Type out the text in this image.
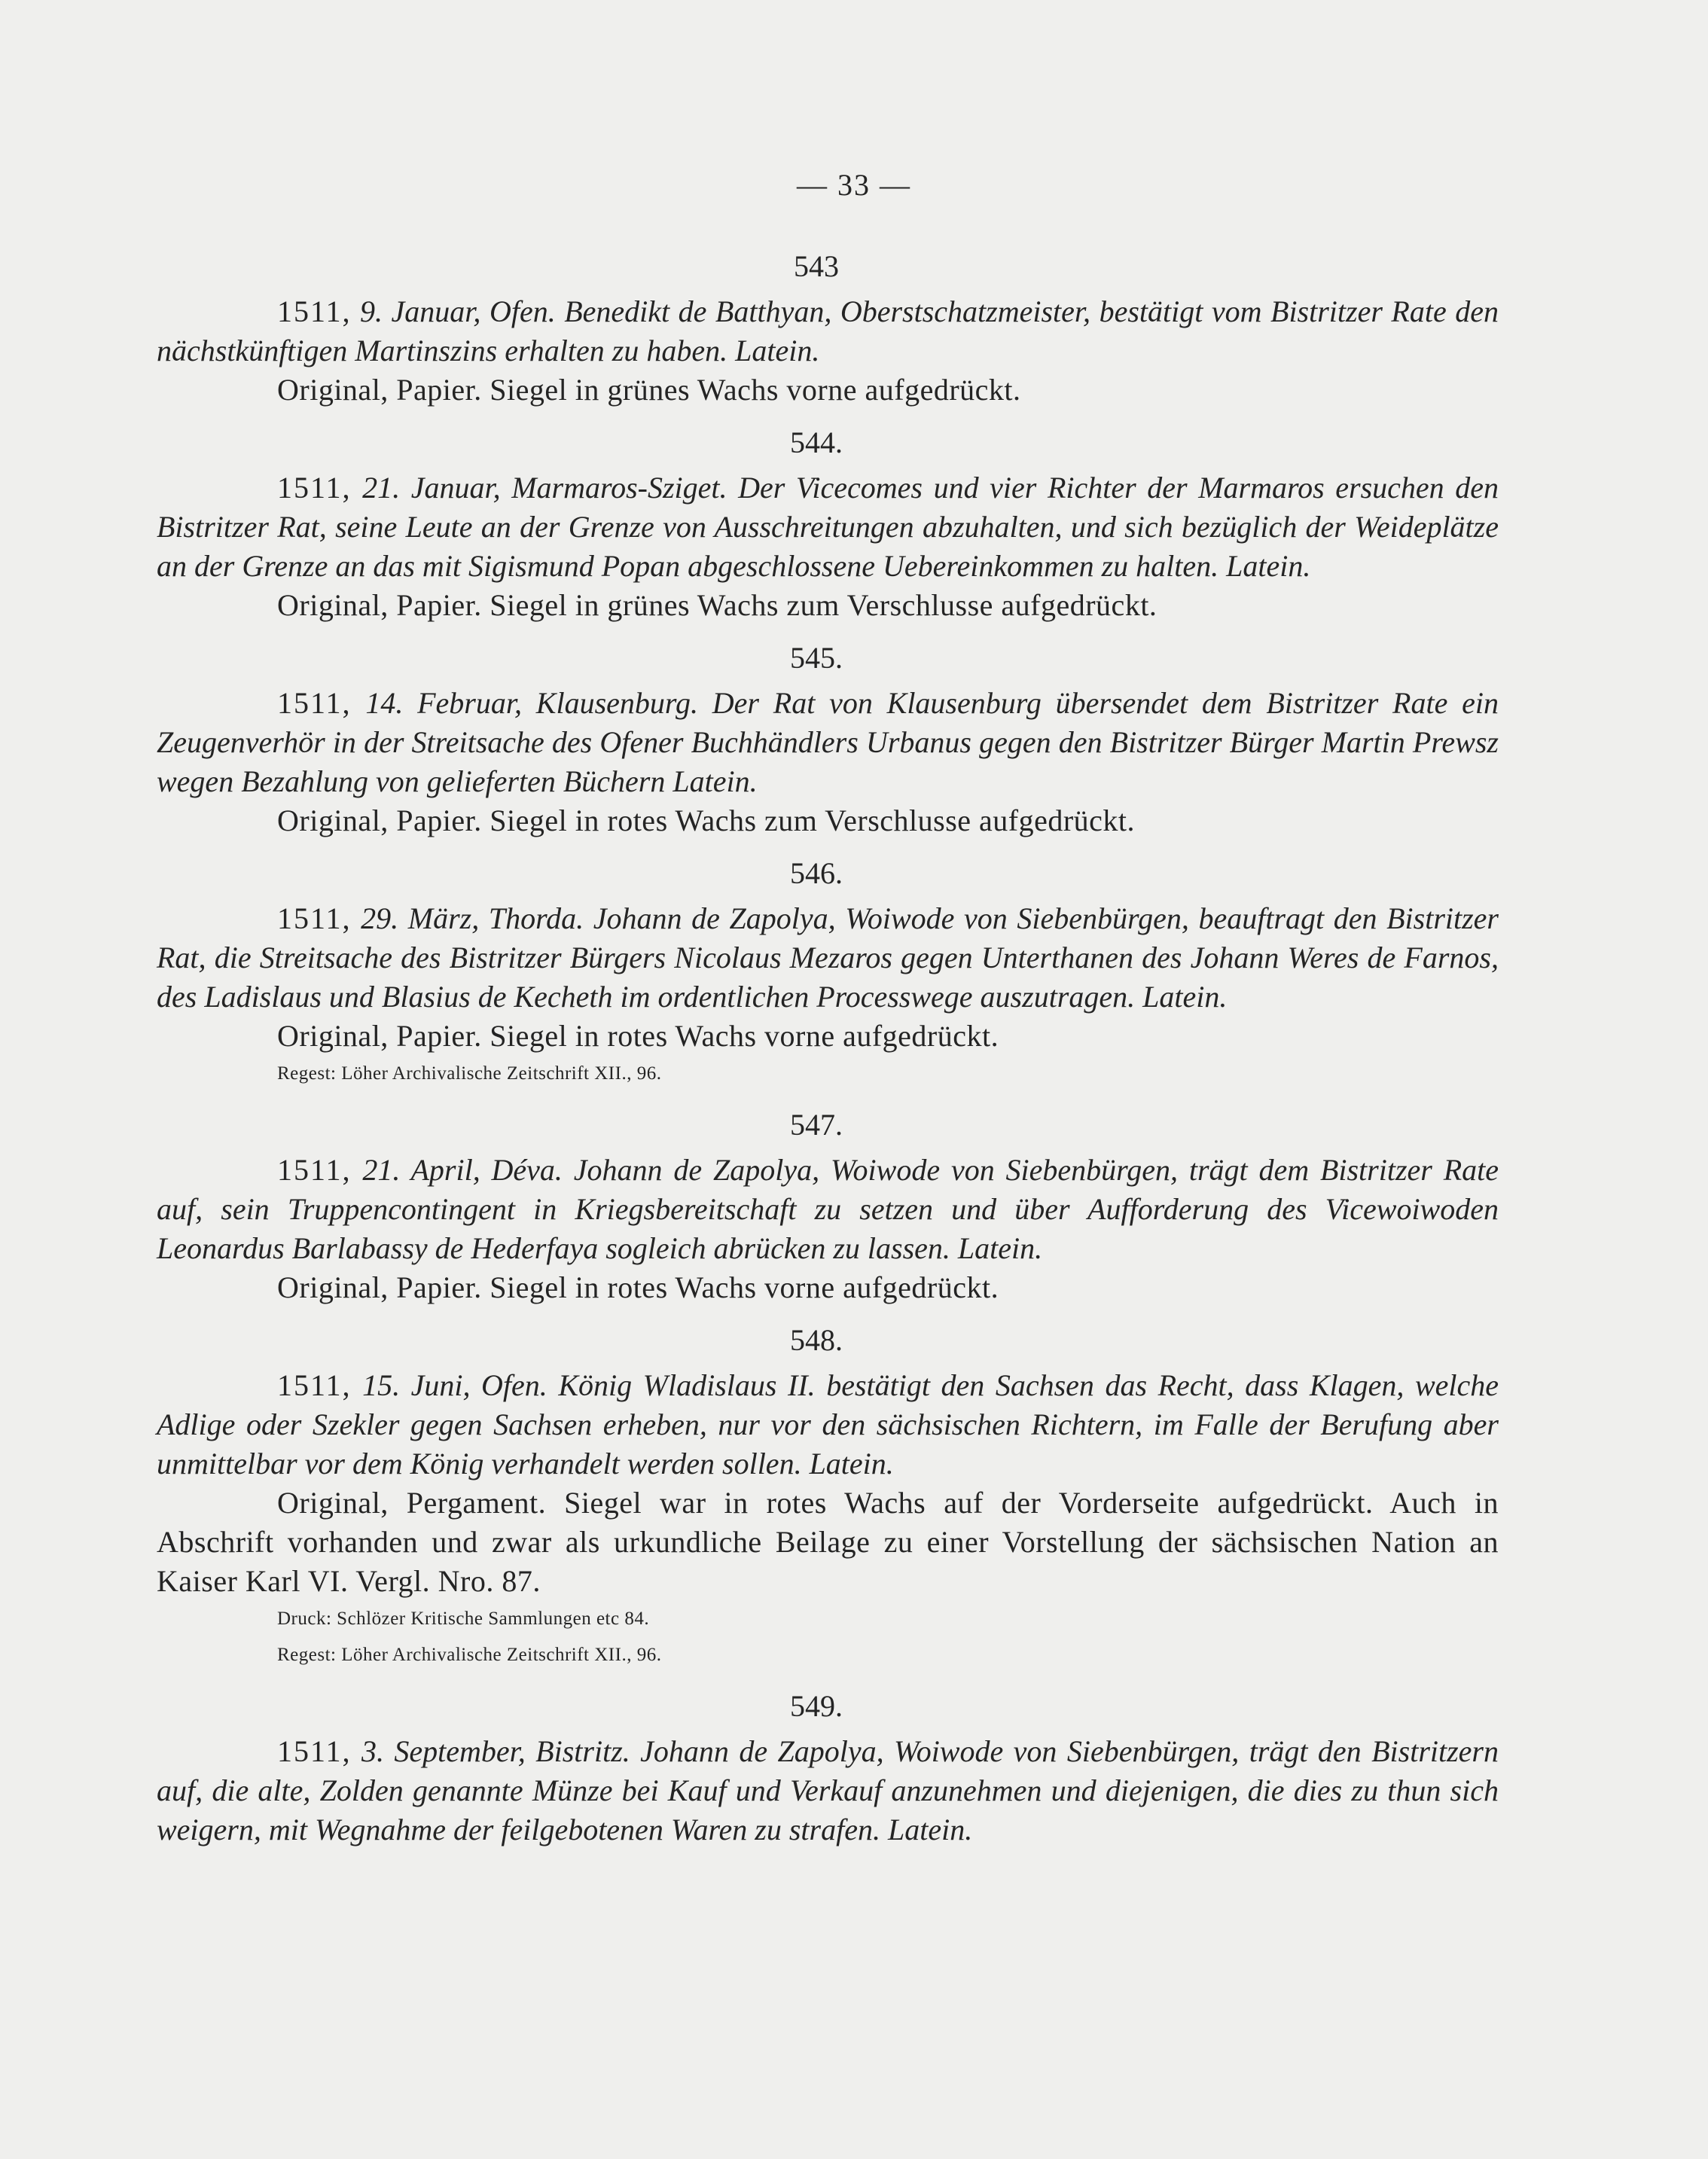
— 33 —
543

1511, 9. Januar, Ofen. Benedikt de Batthyan, Oberstschatzmeister, bestätigt vom Bistritzer Rate den nächstkünftigen Martinszins erhalten zu haben. Latein.

Original, Papier. Siegel in grünes Wachs vorne aufgedrückt.

544.

1511, 21. Januar, Marmaros-Sziget. Der Vicecomes und vier Richter der Marmaros ersuchen den Bistritzer Rat, seine Leute an der Grenze von Ausschreitungen abzuhalten, und sich bezüglich der Weideplätze an der Grenze an das mit Sigismund Popan abgeschlossene Uebereinkommen zu halten. Latein.

Original, Papier. Siegel in grünes Wachs zum Verschlusse aufgedrückt.

545.

1511, 14. Februar, Klausenburg. Der Rat von Klausenburg übersendet dem Bistritzer Rate ein Zeugenverhör in der Streitsache des Ofener Buchhändlers Urbanus gegen den Bistritzer Bürger Martin Prewsz wegen Bezahlung von gelieferten Büchern Latein.

Original, Papier. Siegel in rotes Wachs zum Verschlusse aufgedrückt.

546.

1511, 29. März, Thorda. Johann de Zapolya, Woiwode von Siebenbürgen, beauftragt den Bistritzer Rat, die Streitsache des Bistritzer Bürgers Nicolaus Mezaros gegen Unterthanen des Johann Weres de Farnos, des Ladislaus und Blasius de Kecheth im ordentlichen Processwege auszutragen. Latein.

Original, Papier. Siegel in rotes Wachs vorne aufgedrückt.

Regest: Löher Archivalische Zeitschrift XII., 96.

547.

1511, 21. April, Déva. Johann de Zapolya, Woiwode von Siebenbürgen, trägt dem Bistritzer Rate auf, sein Truppencontingent in Kriegsbereitschaft zu setzen und über Aufforderung des Vicewoiwoden Leonardus Barlabassy de Hederfaya sogleich abrücken zu lassen. Latein.

Original, Papier. Siegel in rotes Wachs vorne aufgedrückt.

548.

1511, 15. Juni, Ofen. König Wladislaus II. bestätigt den Sachsen das Recht, dass Klagen, welche Adlige oder Szekler gegen Sachsen erheben, nur vor den sächsischen Richtern, im Falle der Berufung aber unmittelbar vor dem König verhandelt werden sollen. Latein.

Original, Pergament. Siegel war in rotes Wachs auf der Vorderseite aufgedrückt. Auch in Abschrift vorhanden und zwar als urkundliche Beilage zu einer Vorstellung der sächsischen Nation an Kaiser Karl VI. Vergl. Nro. 87.

Druck: Schlözer Kritische Sammlungen etc 84.

Regest: Löher Archivalische Zeitschrift XII., 96.

549.

1511, 3. September, Bistritz. Johann de Zapolya, Woiwode von Siebenbürgen, trägt den Bistritzern auf, die alte, Zolden genannte Münze bei Kauf und Verkauf anzunehmen und diejenigen, die dies zu thun sich weigern, mit Wegnahme der feilgebotenen Waren zu strafen. Latein.
